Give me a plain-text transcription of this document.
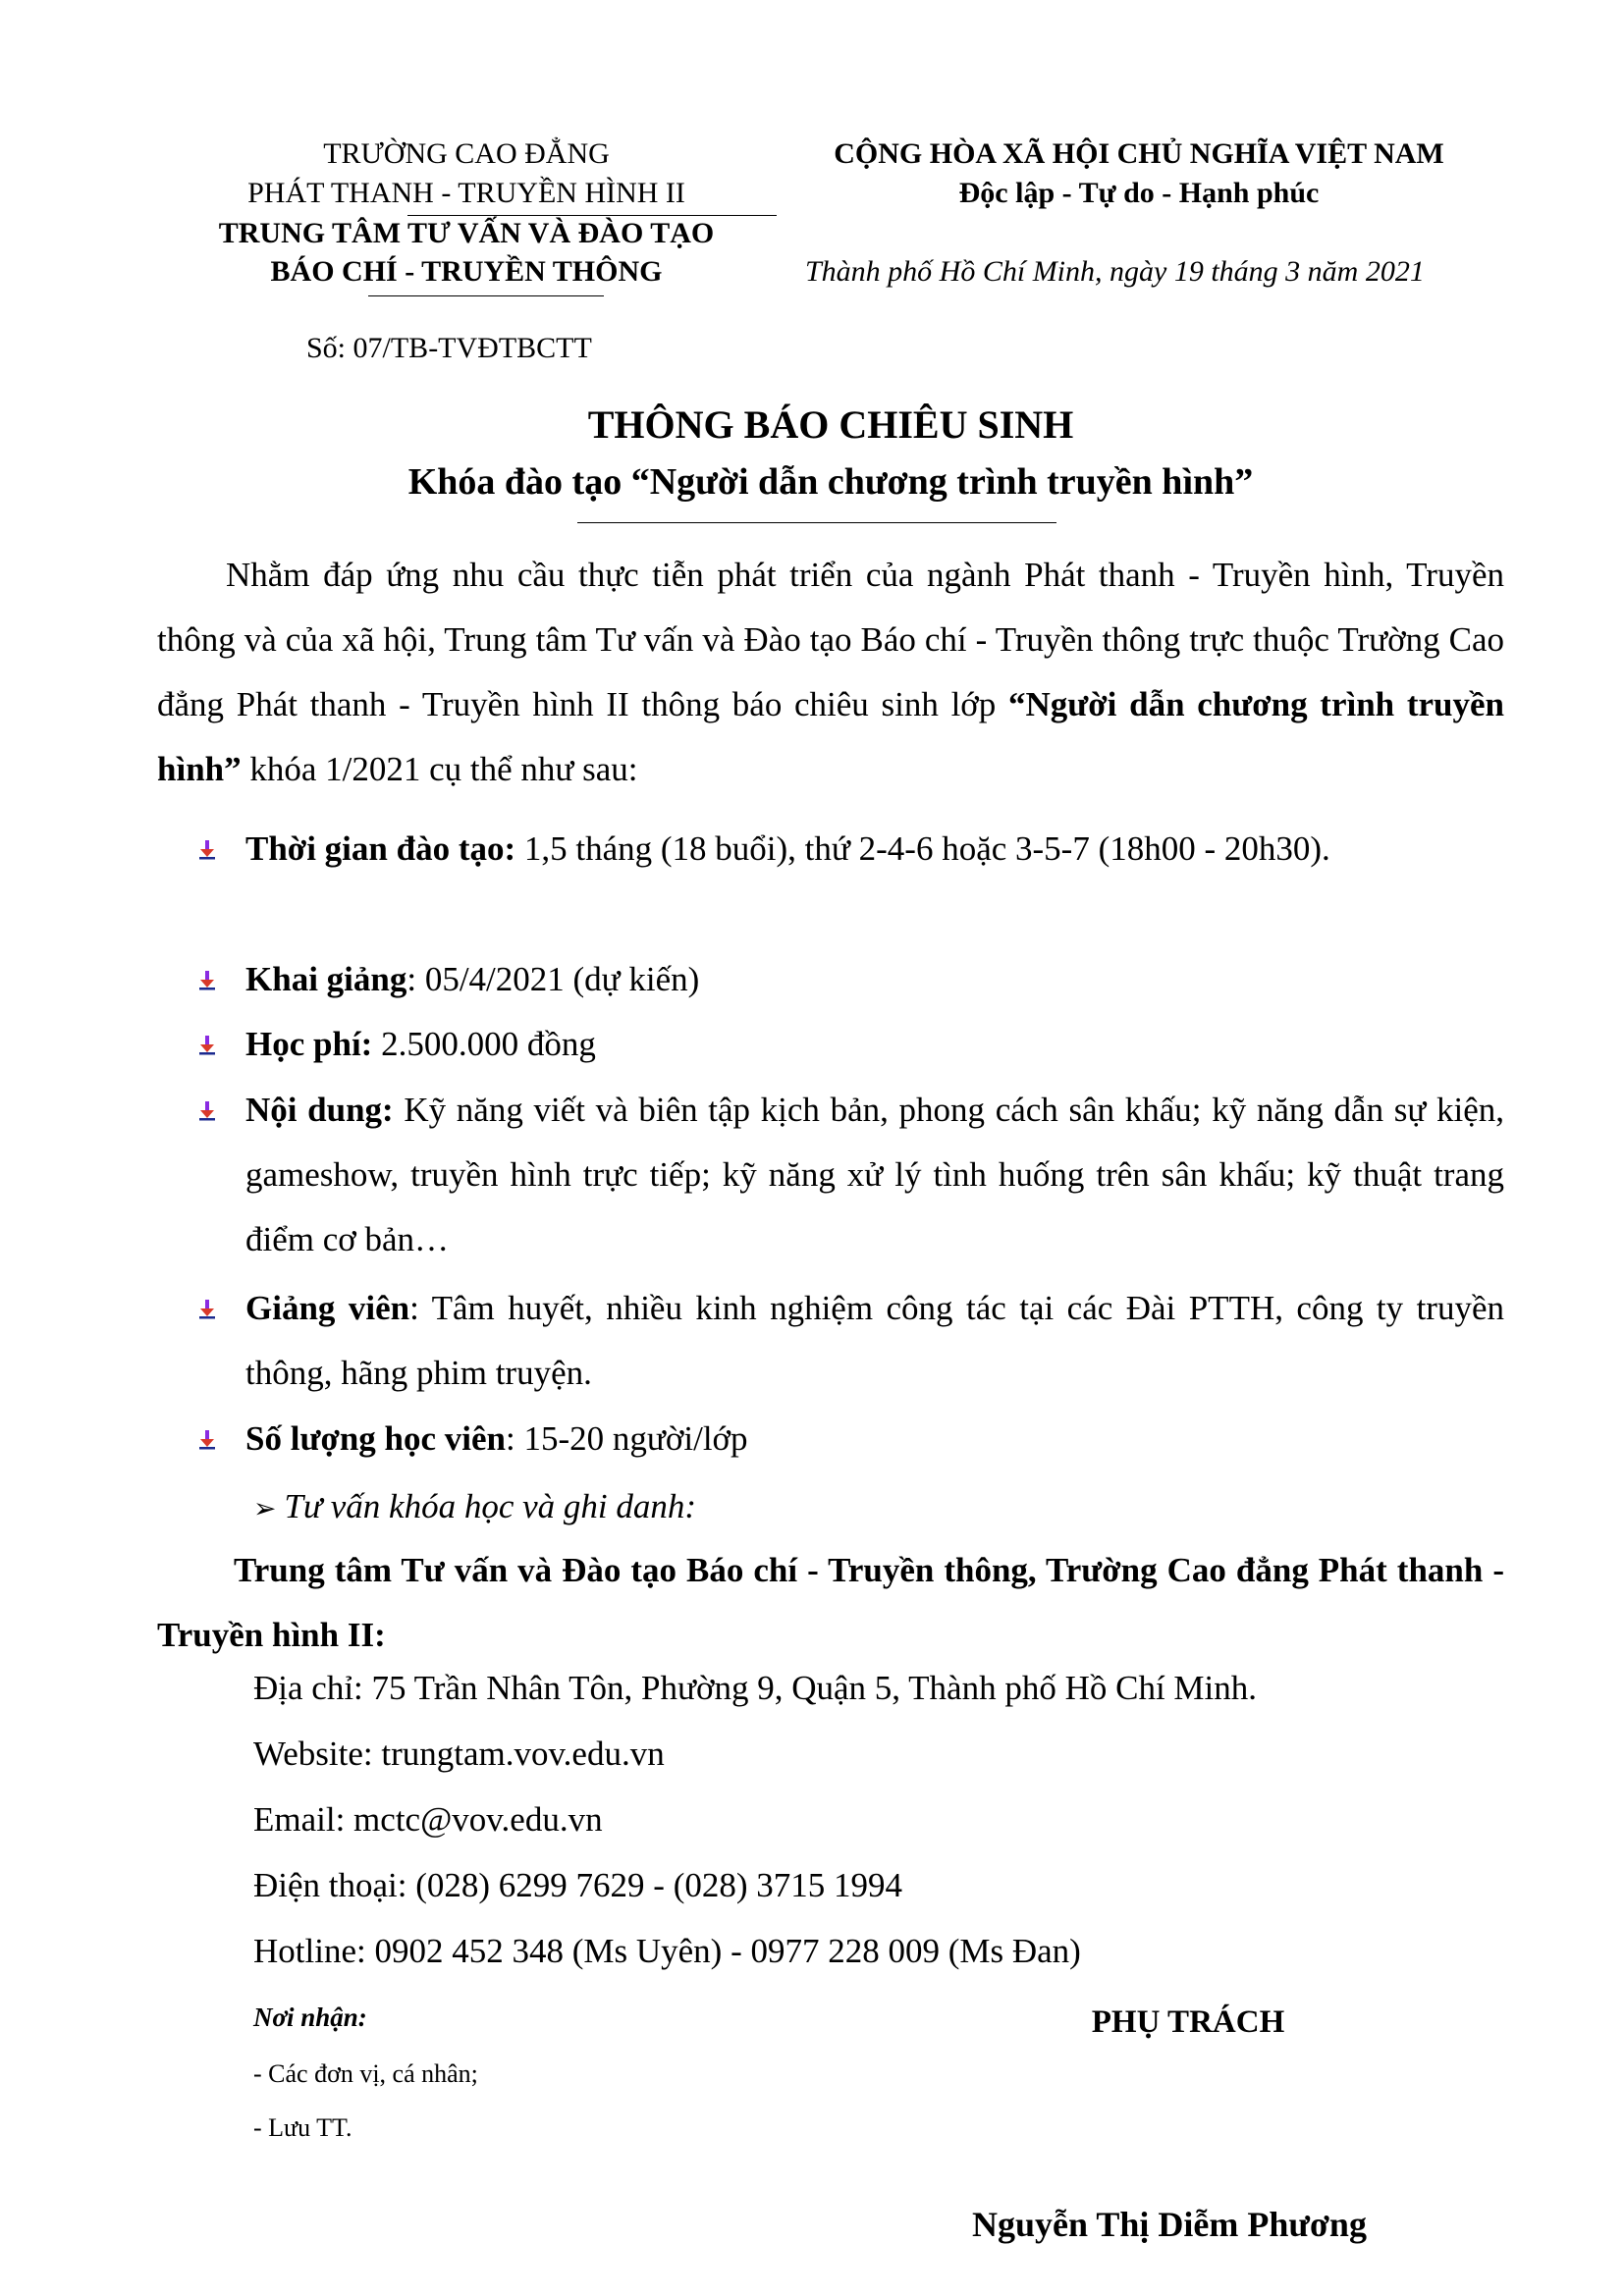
TRƯỜNG CAO ĐẲNG
PHÁT THANH - TRUYỀN HÌNH II
TRUNG TÂM TƯ VẤN VÀ ĐÀO TẠO
BÁO CHÍ - TRUYỀN THÔNG
Số: 07/TB-TVĐTBCTT
CỘNG HÒA XÃ HỘI CHỦ NGHĨA VIỆT NAM
Độc lập - Tự do - Hạnh phúc
Thành phố Hồ Chí Minh, ngày 19 tháng 3 năm 2021
THÔNG BÁO CHIÊU SINH
Khóa đào tạo “Người dẫn chương trình truyền hình”

Nhằm đáp ứng nhu cầu thực tiễn phát triển của ngành Phát thanh - Truyền hình, Truyền thông và của xã hội, Trung tâm Tư vấn và Đào tạo Báo chí - Truyền thông trực thuộc Trường Cao đẳng Phát thanh - Truyền hình II thông báo chiêu sinh lớp “Người dẫn chương trình truyền hình” khóa 1/2021 cụ thể như sau:

Thời gian đào tạo: 1,5 tháng (18 buổi), thứ 2-4-6 hoặc 3-5-7 (18h00 - 20h30).
Khai giảng: 05/4/2021 (dự kiến)
Học phí: 2.500.000 đồng
Nội dung: Kỹ năng viết và biên tập kịch bản, phong cách sân khấu; kỹ năng dẫn sự kiện, gameshow, truyền hình trực tiếp; kỹ năng xử lý tình huống trên sân khấu; kỹ thuật trang điểm cơ bản…
Giảng viên: Tâm huyết, nhiều kinh nghiệm công tác tại các Đài PTTH, công ty truyền thông, hãng phim truyện.
Số lượng học viên: 15-20 người/lớp
➢ Tư vấn khóa học và ghi danh:

Trung tâm Tư vấn và Đào tạo Báo chí - Truyền thông, Trường Cao đẳng Phát thanh - Truyền hình II:

Địa chỉ: 75 Trần Nhân Tôn, Phường 9, Quận 5, Thành phố Hồ Chí Minh.
Website: trungtam.vov.edu.vn
Email: mctc@vov.edu.vn
Điện thoại: (028) 6299 7629 - (028) 3715 1994
Hotline: 0902 452 348 (Ms Uyên) - 0977 228 009 (Ms Đan)
Nơi nhận:
- Các đơn vị, cá nhân;
- Lưu TT.
PHỤ TRÁCH
Nguyễn Thị Diễm Phương
